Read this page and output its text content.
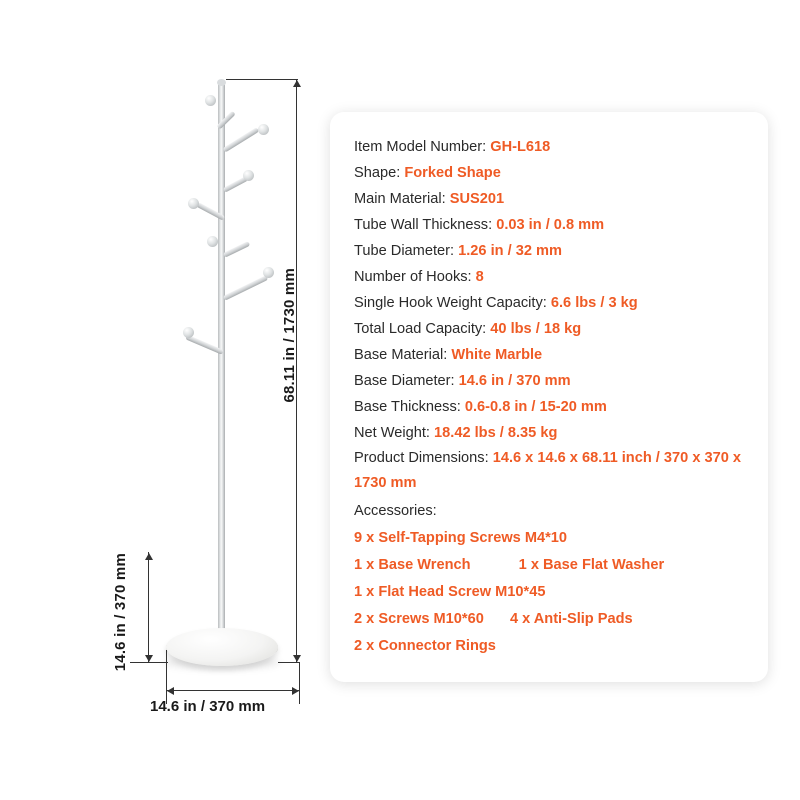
68.11 in / 1730 mm
14.6 in / 370 mm
14.6 in / 370 mm
Item Model Number: GH-L618
Shape: Forked Shape
Main Material: SUS201
Tube Wall Thickness: 0.03 in / 0.8 mm
Tube Diameter: 1.26 in / 32 mm
Number of Hooks: 8
Single Hook Weight Capacity: 6.6 lbs / 3 kg
Total Load Capacity: 40 lbs / 18 kg
Base Material: White Marble
Base Diameter: 14.6 in / 370 mm
Base Thickness: 0.6-0.8 in / 15-20 mm
Net Weight: 18.42 lbs / 8.35 kg
Product Dimensions: 14.6 x 14.6 x 68.11 inch / 370 x 370 x 1730 mm
Accessories:
9 x Self-Tapping Screws M4*10
1 x Base Wrench	1 x Base Flat Washer
1 x Flat Head Screw M10*45
2 x Screws M10*60 4 x Anti-Slip Pads
2 x Connector Rings
